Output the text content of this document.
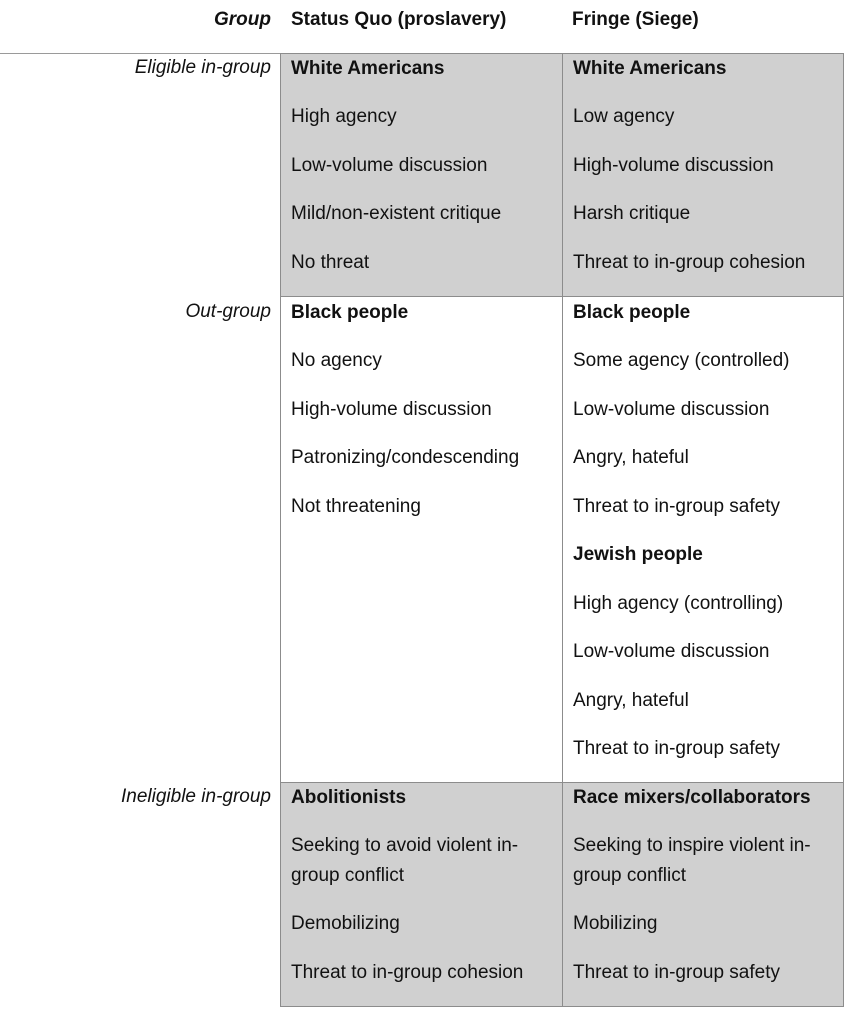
Group Status Quo (proslavery)	Fringe (Siege)
Eligible in-group White Americans
High agency
Low-volume discussion
Mild/non-existent critique
No threat
White Americans
Low agency
High-volume discussion
Harsh critique
Threat to in-group cohesion
Out-group Black people
No agency
High-volume discussion
Patronizing/condescending
Not threatening
Black people
Some agency (controlled)
Low-volume discussion
Angry, hateful
Threat to in-group safety
Jewish people
High agency (controlling)
Low-volume discussion
Angry, hateful
Threat to in-group safety
Ineligible in-group Abolitionists
Seeking to avoid violent in-group conflict
Demobilizing
Threat to in-group cohesion
Race mixers/collaborators
Seeking to inspire violent in-group conflict
Mobilizing
Threat to in-group safety
